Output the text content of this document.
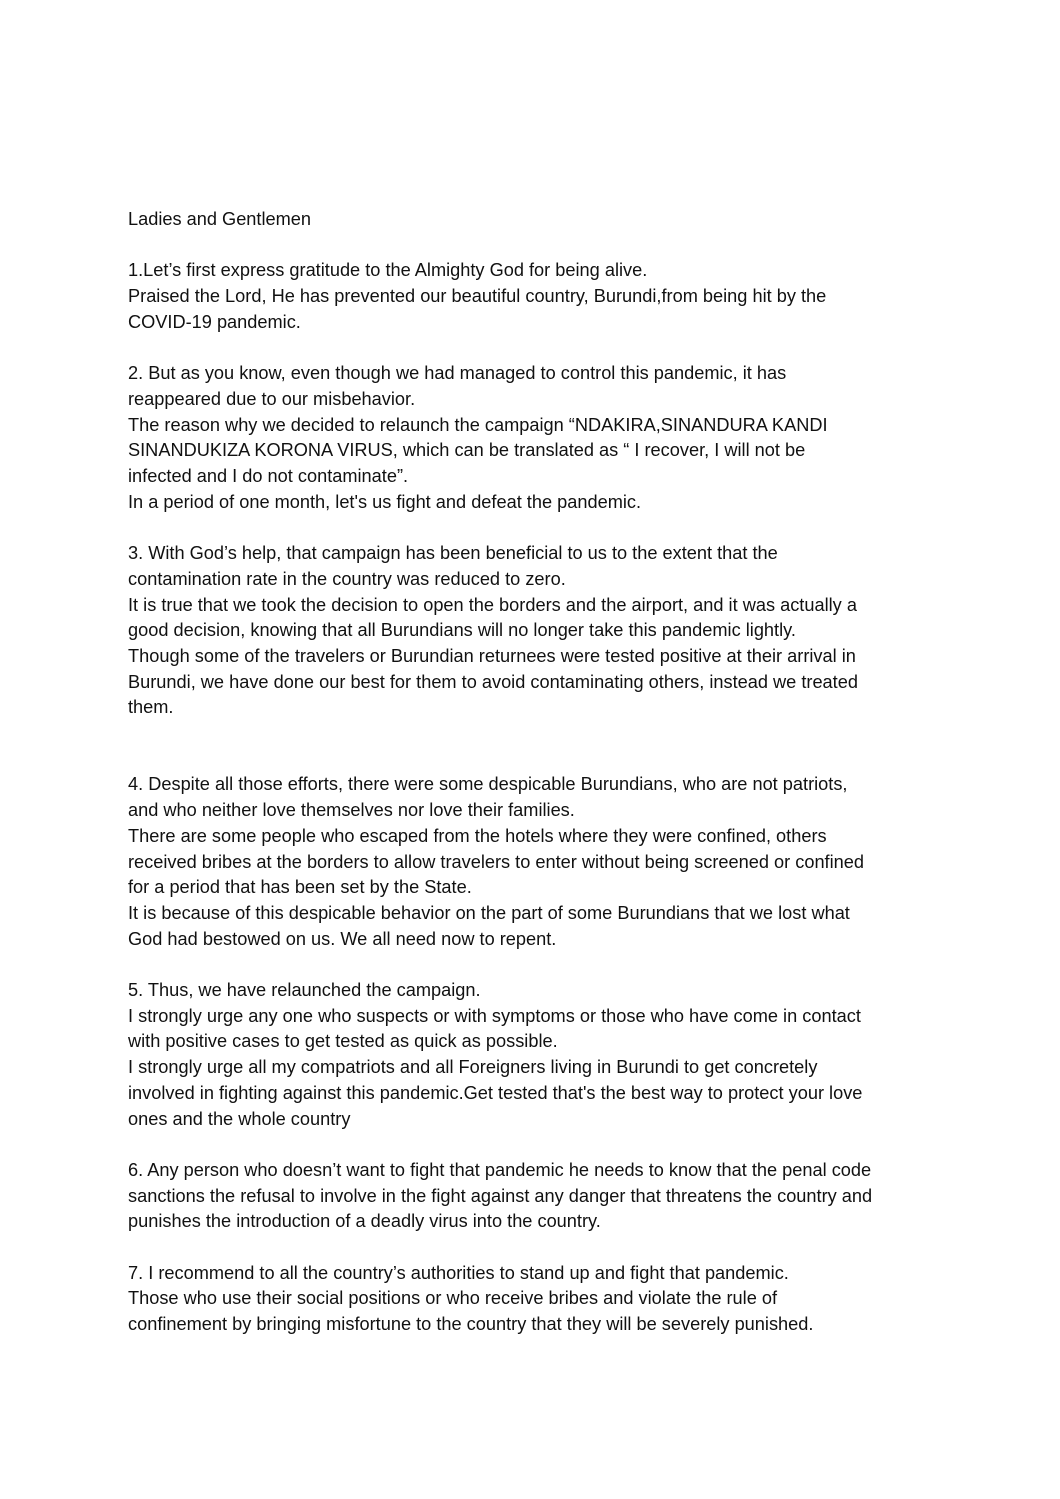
Ladies and Gentlemen

1.Let’s first express gratitude to the Almighty God for being alive.
Praised the Lord, He has prevented our beautiful country, Burundi,from being hit by the
COVID-19 pandemic.

2. But as you know, even though we had managed to control this pandemic, it has
reappeared due to our misbehavior.
The reason why we decided to relaunch the campaign “NDAKIRA,SINANDURA KANDI
SINANDUKIZA KORONA VIRUS, which can be translated as “ I recover, I will not be
infected and I do not contaminate”.
In a period of one month, let's us fight and defeat the pandemic.

3. With God’s help, that campaign has been beneficial to us to the extent that the
contamination rate in the country was reduced to zero.
It is true that we took the decision to open the borders and the airport, and it was actually a
good decision, knowing that all Burundians will no longer take this pandemic lightly.
Though some of the travelers or Burundian returnees were tested positive at their arrival in
Burundi, we have done our best for them to avoid contaminating others, instead we treated
them.

4. Despite all those efforts, there were some despicable Burundians, who are not patriots,
and who neither love themselves nor love their families.
There are some people who escaped from the hotels where they were confined, others
received bribes at the borders to allow travelers to enter without being screened or confined
for a period that has been set by the State.
It is because of this despicable behavior on the part of some Burundians that we lost what
God had bestowed on us. We all need now to repent.

5. Thus, we have relaunched the campaign.
I strongly urge any one who suspects or with symptoms or those who have come in contact
with positive cases to get tested as quick as possible.
I strongly urge all my compatriots and all Foreigners living in Burundi to get concretely
involved in fighting against this pandemic.Get tested that's the best way to protect your love
ones and the whole country

6. Any person who doesn’t want to fight that pandemic he needs to know that the penal code
sanctions the refusal to involve in the fight against any danger that threatens the country and
punishes the introduction of a deadly virus into the country.

7. I recommend to all the country’s authorities to stand up and fight that pandemic.
Those who use their social positions or who receive bribes and violate the rule of
confinement by bringing misfortune to the country that they will be severely punished.
